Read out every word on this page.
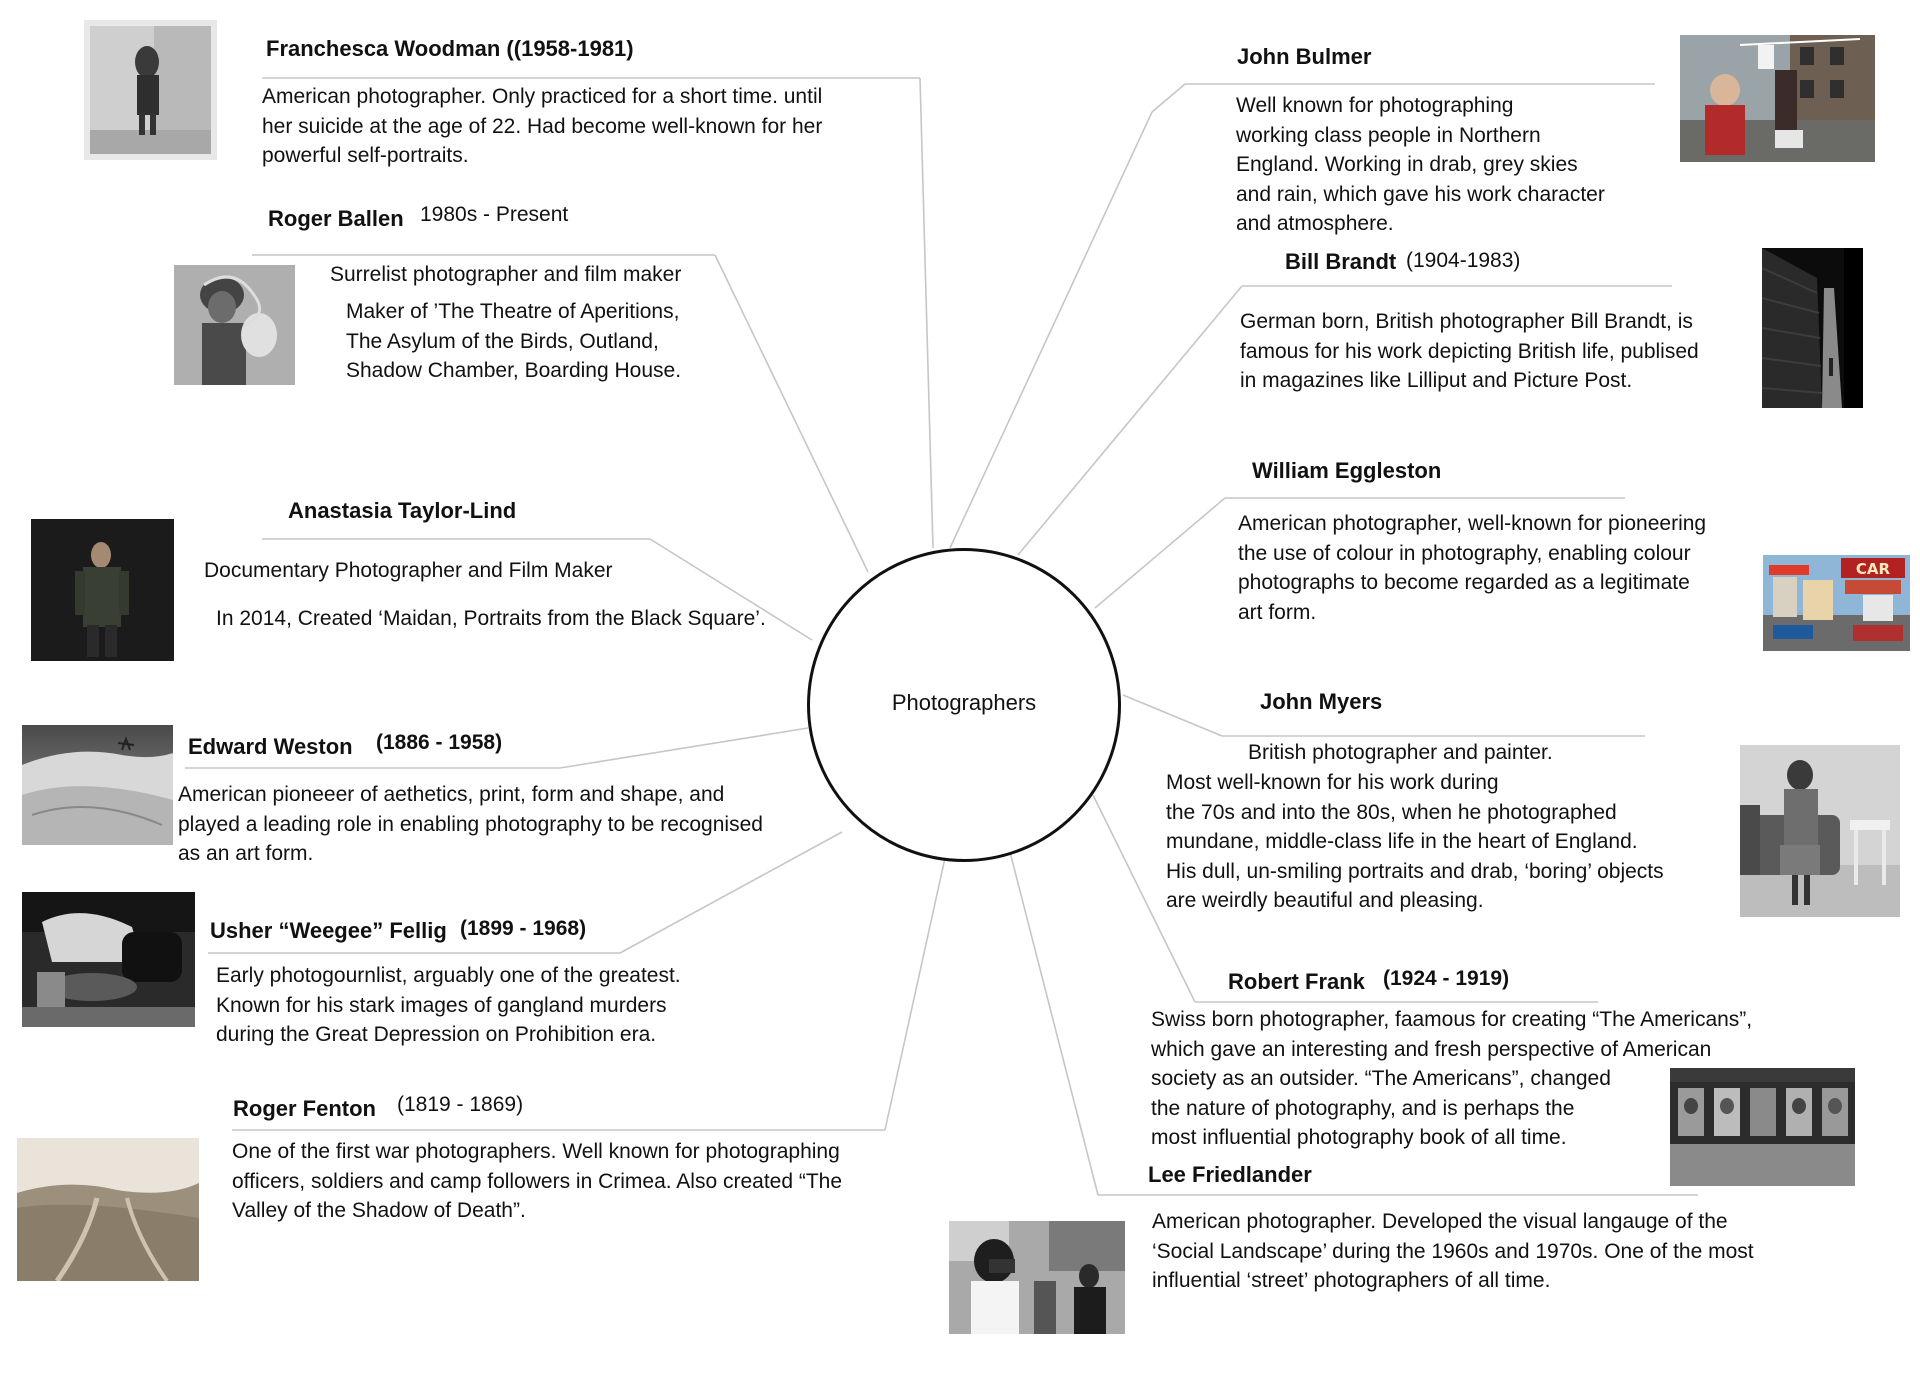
Photographers
Franchesca Woodman ((1958-1981)
American photographer. Only practiced for a short time. until
her suicide at the age of 22. Had become well-known for her
powerful self-portraits.
Roger Ballen 1980s - Present
Surrelist photographer and film maker
Maker of ’The Theatre of Aperitions,
The Asylum of the Birds, Outland,
Shadow Chamber, Boarding House.
Anastasia Taylor-Lind
Documentary Photographer and Film Maker
In 2014, Created ‘Maidan, Portraits from the Black Square’.
Edward Weston (1886 - 1958)
American pioneeer of aethetics, print, form and shape, and
played a leading role in enabling photography to be recognised
as an art form.
Usher “Weegee” Fellig (1899 - 1968)
Early photogournlist, arguably one of the greatest.
Known for his stark images of gangland murders
during the Great Depression on Prohibition era.
Roger Fenton (1819 - 1869)
One of the first war photographers. Well known for photographing
officers, soldiers and camp followers in Crimea. Also created “The
Valley of the Shadow of Death”.
John Bulmer
Well known for photographing
working class people in Northern
England. Working in drab, grey skies
and rain, which gave his work character
and atmosphere.
Bill Brandt (1904-1983)
German born, British photographer Bill Brandt, is
famous for his work depicting British life, publised
in magazines like Lilliput and Picture Post.
CAR
William Eggleston
American photographer, well-known for pioneering
the use of colour in photography, enabling colour
photographs to become regarded as a legitimate
art form.
John Myers
British photographer and painter.
Most well-known for his work during
the 70s and into the 80s, when he photographed
mundane, middle-class life in the heart of England.
His dull, un-smiling portraits and drab, ‘boring’ objects
are weirdly beautiful and pleasing.
Robert Frank (1924 - 1919)
Swiss born photographer, faamous for creating “The Americans”,
which gave an interesting and fresh perspective of American
society as an outsider. “The Americans”, changed
the nature of photography, and is perhaps the
most influential photography book of all time.
Lee Friedlander
American photographer. Developed the visual langauge of the
‘Social Landscape’ during the 1960s and 1970s. One of the most
influential ‘street’ photographers of all time.
